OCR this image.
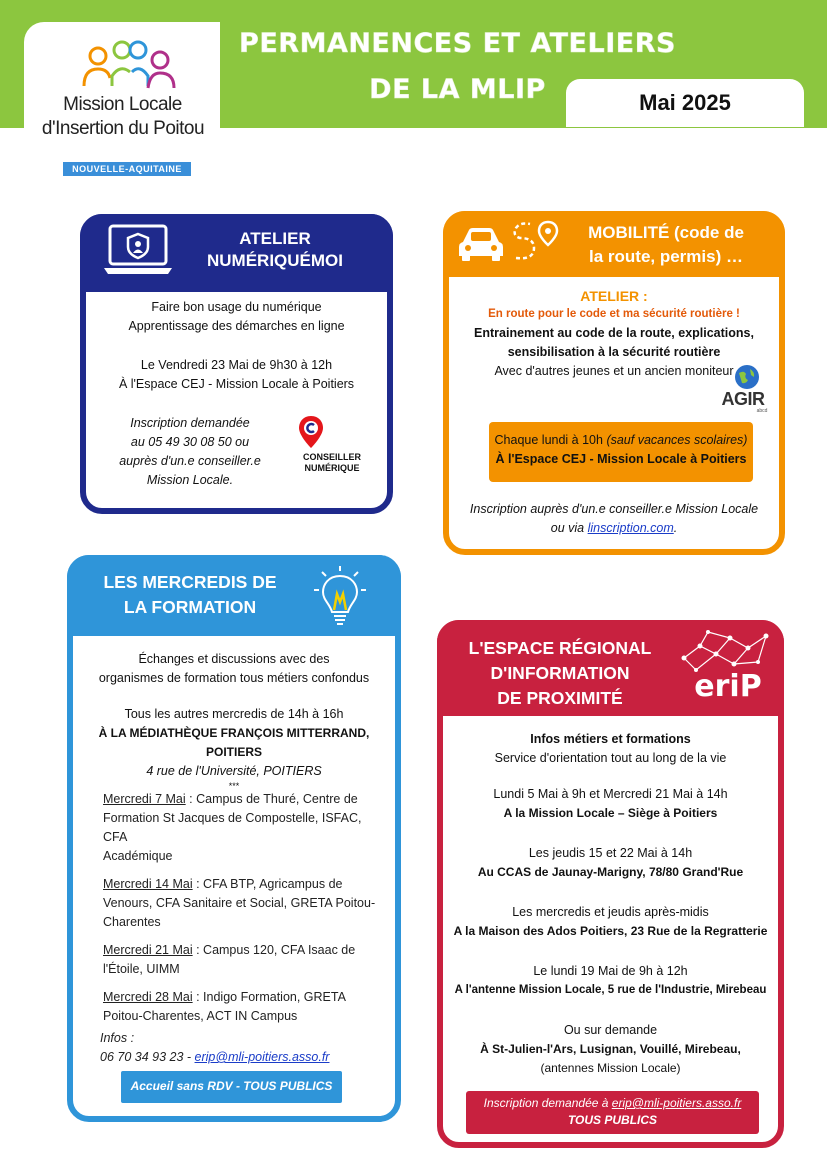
Mission Locale
d'Insertion du Poitou
NOUVELLE-AQUITAINE
PERMANENCES ET ATELIERS
DE LA MLIP	Mai 2025
ATELIER
NUMÉRIQUÉMOI
Faire bon usage du numérique
Apprentissage des démarches en ligne
Le Vendredi 23 Mai de 9h30 à 12h
À l'Espace CEJ - Mission Locale à Poitiers
Inscription demandée
au 05 49 30 08 50 ou
auprès d'un.e conseiller.e
Mission Locale.
CONSEILLER
NUMÉRIQUE
MOBILITÉ (code de
la route, permis) …
ATELIER :
En route pour le code et ma sécurité routière !
Entrainement au code de la route, explications,
sensibilisation à la sécurité routière
Avec d'autres jeunes et un ancien moniteur
AGIR
abcd
Chaque lundi à 10h (sauf vacances scolaires)
À l'Espace CEJ - Mission Locale à Poitiers
Inscription auprès d'un.e conseiller.e Mission Locale
ou via linscription.com.
LES MERCREDIS DE
LA FORMATION
Échanges et discussions avec des
organismes de formation tous métiers confondus
Tous les autres mercredis de 14h à 16h
À LA MÉDIATHÈQUE FRANÇOIS MITTERRAND, POITIERS
4 rue de l'Université, POITIERS
***
Mercredi 7 Mai : Campus de Thuré, Centre de
Formation St Jacques de Compostelle, ISFAC, CFA
Académique
Mercredi 14 Mai : CFA BTP, Agricampus de
Venours, CFA Sanitaire et Social, GRETA Poitou-
Charentes
Mercredi 21 Mai : Campus 120, CFA Isaac de
l'Étoile, UIMM
Mercredi 28 Mai : Indigo Formation, GRETA
Poitou-Charentes, ACT IN Campus
Infos :
06 70 34 93 23 - erip@mli-poitiers.asso.fr
Accueil sans RDV - TOUS PUBLICS
L'ESPACE RÉGIONAL
D'INFORMATION
DE PROXIMITÉ	eriP
Infos métiers et formations
Service d'orientation tout au long de la vie
Lundi 5 Mai à 9h et Mercredi 21 Mai à 14h
A la Mission Locale – Siège à Poitiers
Les jeudis 15 et 22 Mai à 14h
Au CCAS de Jaunay-Marigny, 78/80 Grand'Rue
Les mercredis et jeudis après-midis
A la Maison des Ados Poitiers, 23 Rue de la Regratterie
Le lundi 19 Mai de 9h à 12h
A l'antenne Mission Locale, 5 rue de l'Industrie, Mirebeau
Ou sur demande
À St-Julien-l'Ars, Lusignan, Vouillé, Mirebeau,
(antennes Mission Locale)
Inscription demandée à erip@mli-poitiers.asso.fr
TOUS PUBLICS
